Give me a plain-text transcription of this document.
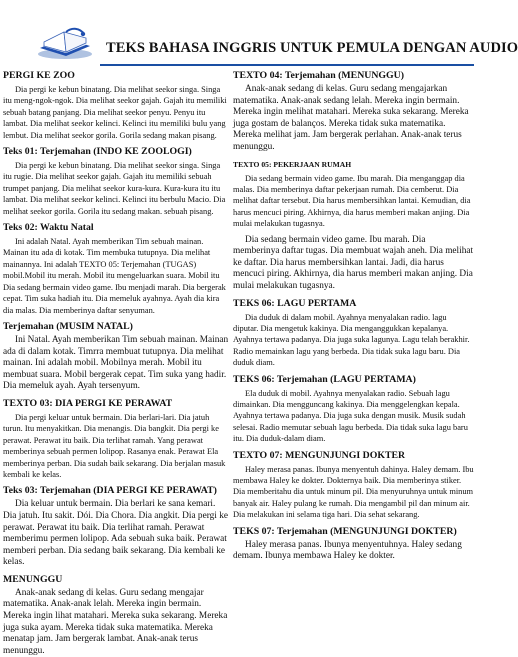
TEKS BAHASA INGGRIS UNTUK PEMULA DENGAN AUDIO
PERGI KE ZOO

Dia pergi ke kebun binatang. Dia melihat seekor singa. Singa itu meng-ngok-ngok. Dia melihat seekor gajah. Gajah itu memiliki sebuah batang panjang. Dia melihat seekor penyu. Penyu itu lambat. Dia melihat seekor kelinci. Kelinci itu memiliki bulu yang lembut. Dia melihat seekor gorila. Gorila sedang makan pisang.

Teks 01: Terjemahan (INDO KE ZOOLOGI)

Dia pergi ke kebun binatang. Dia melihat seekor singa. Singa itu rugie. Dia melihat seekor gajah. Gajah itu memiliki sebuah trumpet panjang. Dia melihat seekor kura-kura. Kura-kura itu itu lambat. Dia melihat seekor kelinci. Kelinci itu berbulu Macio. Dia melihat seekor gorila. Gorila itu sedang makan. sebuah pisang.

Teks 02: Waktu Natal

Ini adalah Natal. Ayah memberikan Tim sebuah mainan. Mainan itu ada di kotak. Tim membuka tutupnya. Dia melihat mainannya. Ini adalah TEXTO 05: Terjemahan (TUGAS) mobil.Mobil itu merah. Mobil itu mengeluarkan suara. Mobil itu Dia sedang bermain video game. Ibu menjadi marah. Dia bergerak cepat. Tim suka hadiah itu. Dia memeluk ayahnya. Ayah dia kira dia malas. Dia memberinya daftar senyuman.

Terjemahan (MUSIM NATAL)

Ini Natal. Ayah memberikan Tim sebuah mainan. Mainan ada di dalam kotak. Timrra membuat tutupnya. Dia melihat mainan. Ini adalah mobil. Mobilnya merah. Mobil itu membuat suara. Mobil bergerak cepat. Tim suka yang hadir. Dia memeluk ayah. Ayah tersenyum.

TEXTO 03: DIA PERGI KE PERAWAT

Dia pergi keluar untuk bermain. Dia berlari-lari. Dia jatuh turun. Itu menyakitkan. Dia menangis. Dia bangkit. Dia pergi ke perawat. Perawat itu baik. Dia terlihat ramah. Yang perawat memberinya sebuah permen lolipop. Rasanya enak. Perawat Ela memberinya perban. Dia sudah baik sekarang. Dia berjalan masuk kembali ke kelas.

Teks 03: Terjemahan (DIA PERGI KE PERAWAT)

Dia keluar untuk bermain. Dia berlari ke sana kemari. Dia jatuh. Itu sakit. Dói. Dia Chora. Dia angkit. Dia pergi ke perawat. Perawat itu baik. Dia terlihat ramah. Perawat memberimu permen lolipop. Ada sebuah suka baik. Perawat memberi perban. Dia sedang baik sekarang. Dia kembali ke kelas.

MENUNGGU

Anak-anak sedang di kelas. Guru sedang mengajar matematika. Anak-anak lelah. Mereka ingin bermain. Mereka ingin lihat matahari. Mereka suka sekarang. Mereka juga suka ayam. Mereka tidak suka matematika. Mereka menatap jam. Jam bergerak lambat. Anak-anak terus menunggu.

TEXTO 04: Terjemahan (MENUNGGU)

Anak-anak sedang di kelas. Guru sedang mengajarkan matematika. Anak-anak sedang lelah. Mereka ingin bermain. Mereka ingin melihat matahari. Mereka suka sekarang. Mereka juga gostam de balanços. Mereka tidak suka matematika. Mereka melihat jam. Jam bergerak perlahan. Anak-anak terus menunggu.

TEXTO 05: PEKERJAAN RUMAH

Dia sedang bermain video game. Ibu marah. Dia menganggap dia malas. Dia memberinya daftar pekerjaan rumah. Dia cemberut. Dia melihat daftar tersebut. Dia harus membersihkan lantai. Kemudian, dia harus mencuci piring. Akhirnya, dia harus memberi makan anjing. Dia mulai melakukan tugasnya.

Dia sedang bermain video game. Ibu marah. Dia memberinya daftar tugas. Dia membuat wajah aneh. Dia melihat ke daftar. Dia harus membersihkan lantai. Jadi, dia harus mencuci piring. Akhirnya, dia harus memberi makan anjing. Dia mulai melakukan tugasnya.

TEKS 06: LAGU PERTAMA

Dia duduk di dalam mobil. Ayahnya menyalakan radio. lagu diputar. Dia mengetuk kakinya. Dia menganggukkan kepalanya. Ayahnya tertawa padanya. Dia juga suka lagunya. Lagu telah berakhir. Radio memainkan lagu yang berbeda. Dia tidak suka lagu baru. Dia duduk diam.

TEKS 06: Terjemahan (LAGU PERTAMA)

Ela duduk di mobil. Ayahnya menyalakan radio. Sebuah lagu dimainkan. Dia mengguncang kakinya. Dia menggelengkan kepala. Ayahnya tertawa padanya. Dia juga suka dengan musik. Musik sudah selesai. Radio memutar sebuah lagu berbeda. Dia tidak suka lagu baru itu. Dia duduk-dalam diam.

TEXTO 07: MENGUNJUNGI DOKTER

Haley merasa panas. Ibunya menyentuh dahinya. Haley demam. Ibu membawa Haley ke dokter. Dokternya baik. Dia memberinya stiker. Dia memberitahu dia untuk minum pil. Dia menyuruhnya untuk minum banyak air. Haley pulang ke rumah. Dia mengambil pil dan minum air. Dia melakukan ini selama tiga hari. Dia sehat sekarang.

TEKS 07: Terjemahan (MENGUNJUNGI DOKTER)

Haley merasa panas. Ibunya menyentuhnya. Haley sedang demam. Ibunya membawa Haley ke dokter.
